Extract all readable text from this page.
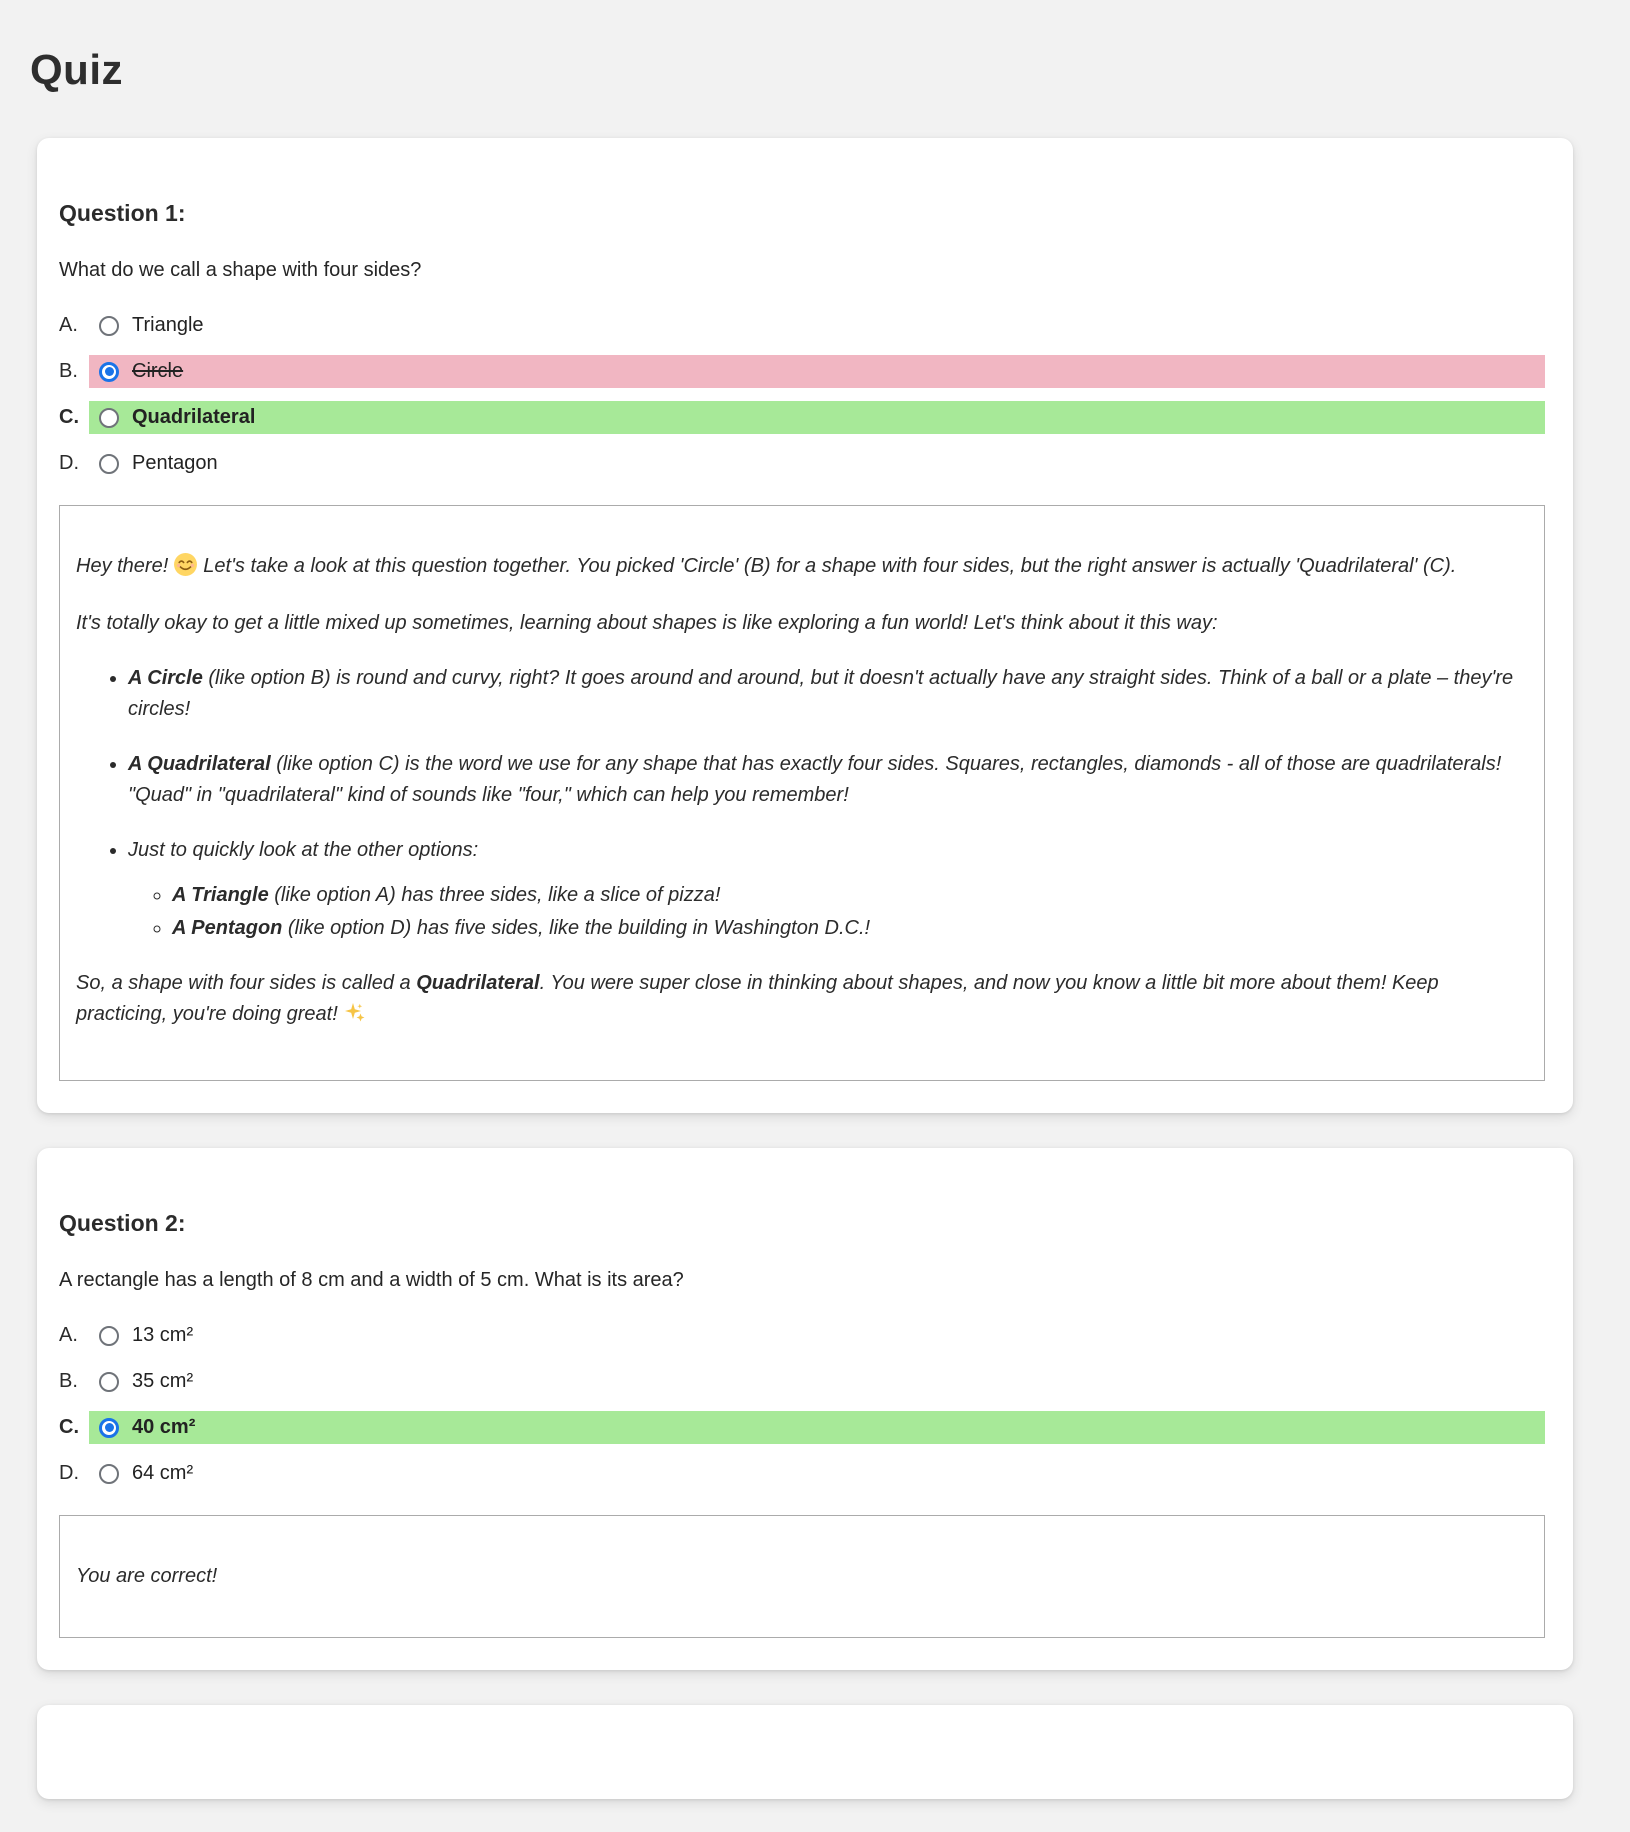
Quiz
Question 1:

What do we call a shape with four sides?

A.	Triangle
B.	Circle
C.	Quadrilateral
D.	Pentagon

Hey there! Let's take a look at this question together. You picked 'Circle' (B) for a shape with four sides, but the right answer is actually 'Quadrilateral' (C).

It's totally okay to get a little mixed up sometimes, learning about shapes is like exploring a fun world! Let's think about it this way:

• A Circle (like option B) is round and curvy, right? It goes around and around, but it doesn't actually have any straight sides. Think of a ball or a plate – they're circles!
• A Quadrilateral (like option C) is the word we use for any shape that has exactly four sides. Squares, rectangles, diamonds - all of those are quadrilaterals! "Quad" in "quadrilateral" kind of sounds like "four," which can help you remember!
• Just to quickly look at the other options:
◦ A Triangle (like option A) has three sides, like a slice of pizza!
◦ A Pentagon (like option D) has five sides, like the building in Washington D.C.!

So, a shape with four sides is called a Quadrilateral. You were super close in thinking about shapes, and now you know a little bit more about them! Keep practicing, you're doing great!

Question 2:

A rectangle has a length of 8 cm and a width of 5 cm. What is its area?

A.	13 cm²
B.	35 cm²
C.	40 cm²
D.	64 cm²

You are correct!
